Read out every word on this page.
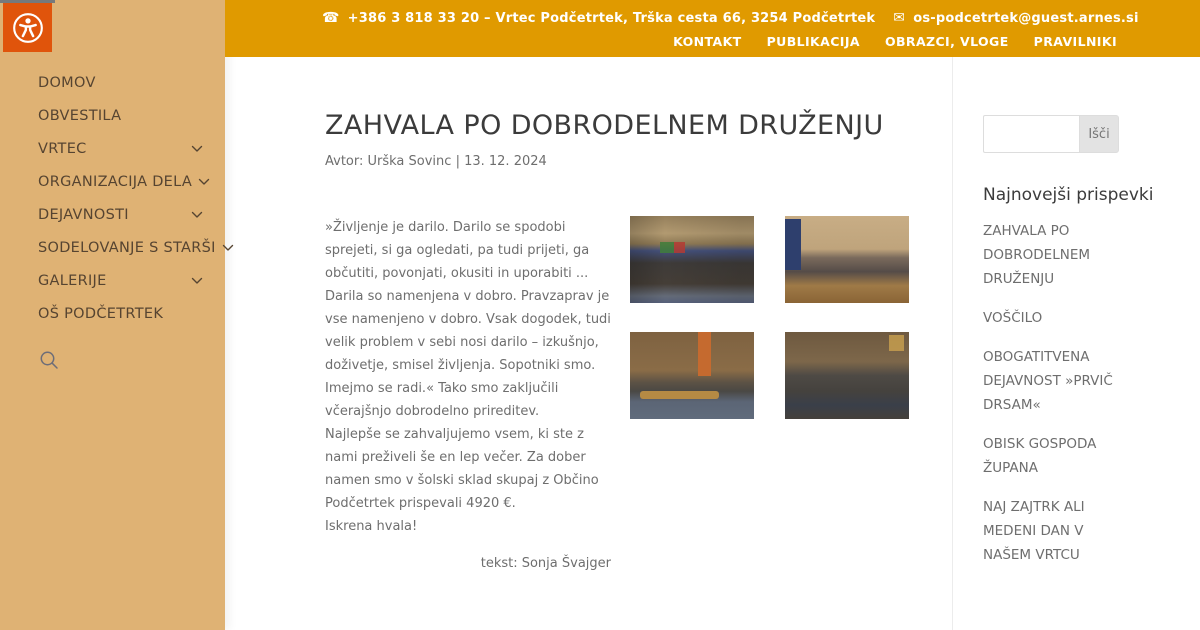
DOMOV
OBVESTILA
VRTEC
ORGANIZACIJA DELA
DEJAVNOSTI
SODELOVANJE S STARŠI
GALERIJE
OŠ PODČETRTEK
☎ +386 3 818 33 20 – Vrtec Podčetrtek, Trška cesta 66, 3254 Podčetrtek ✉ os-podcetrtek@guest.arnes.si
KONTAKT PUBLIKACIJA OBRAZCI, VLOGE PRAVILNIKI
ZAHVALA PO DOBRODELNEM DRUŽENJU
Avtor: Urška Sovinc | 13. 12. 2024

»Življenje je darilo. Darilo se spodobi sprejeti, si ga ogledati, pa tudi prijeti, ga občutiti, povonjati, okusiti in uporabiti ... Darila so namenjena v dobro. Pravzaprav je vse namenjeno v dobro. Vsak dogodek, tudi velik problem v sebi nosi darilo – izkušnjo, doživetje, smisel življenja. Sopotniki smo. Imejmo se radi.« Tako smo zaključili včerajšnjo dobrodelno prireditev.

Najlepše se zahvaljujemo vsem, ki ste z nami preživeli še en lep večer. Za dober namen smo v šolski sklad skupaj z Občino Podčetrtek prispevali 4920 €.

Iskrena hvala!

tekst: Sonja Švajger

Išči
Najnovejši prispevki
ZAHVALA PO DOBRODELNEM DRUŽENJU
VOŠČILO
OBOGATITVENA DEJAVNOST »PRVIČ DRSAM«
OBISK GOSPODA ŽUPANA
NAJ ZAJTRK ALI MEDENI DAN V NAŠEM VRTCU
